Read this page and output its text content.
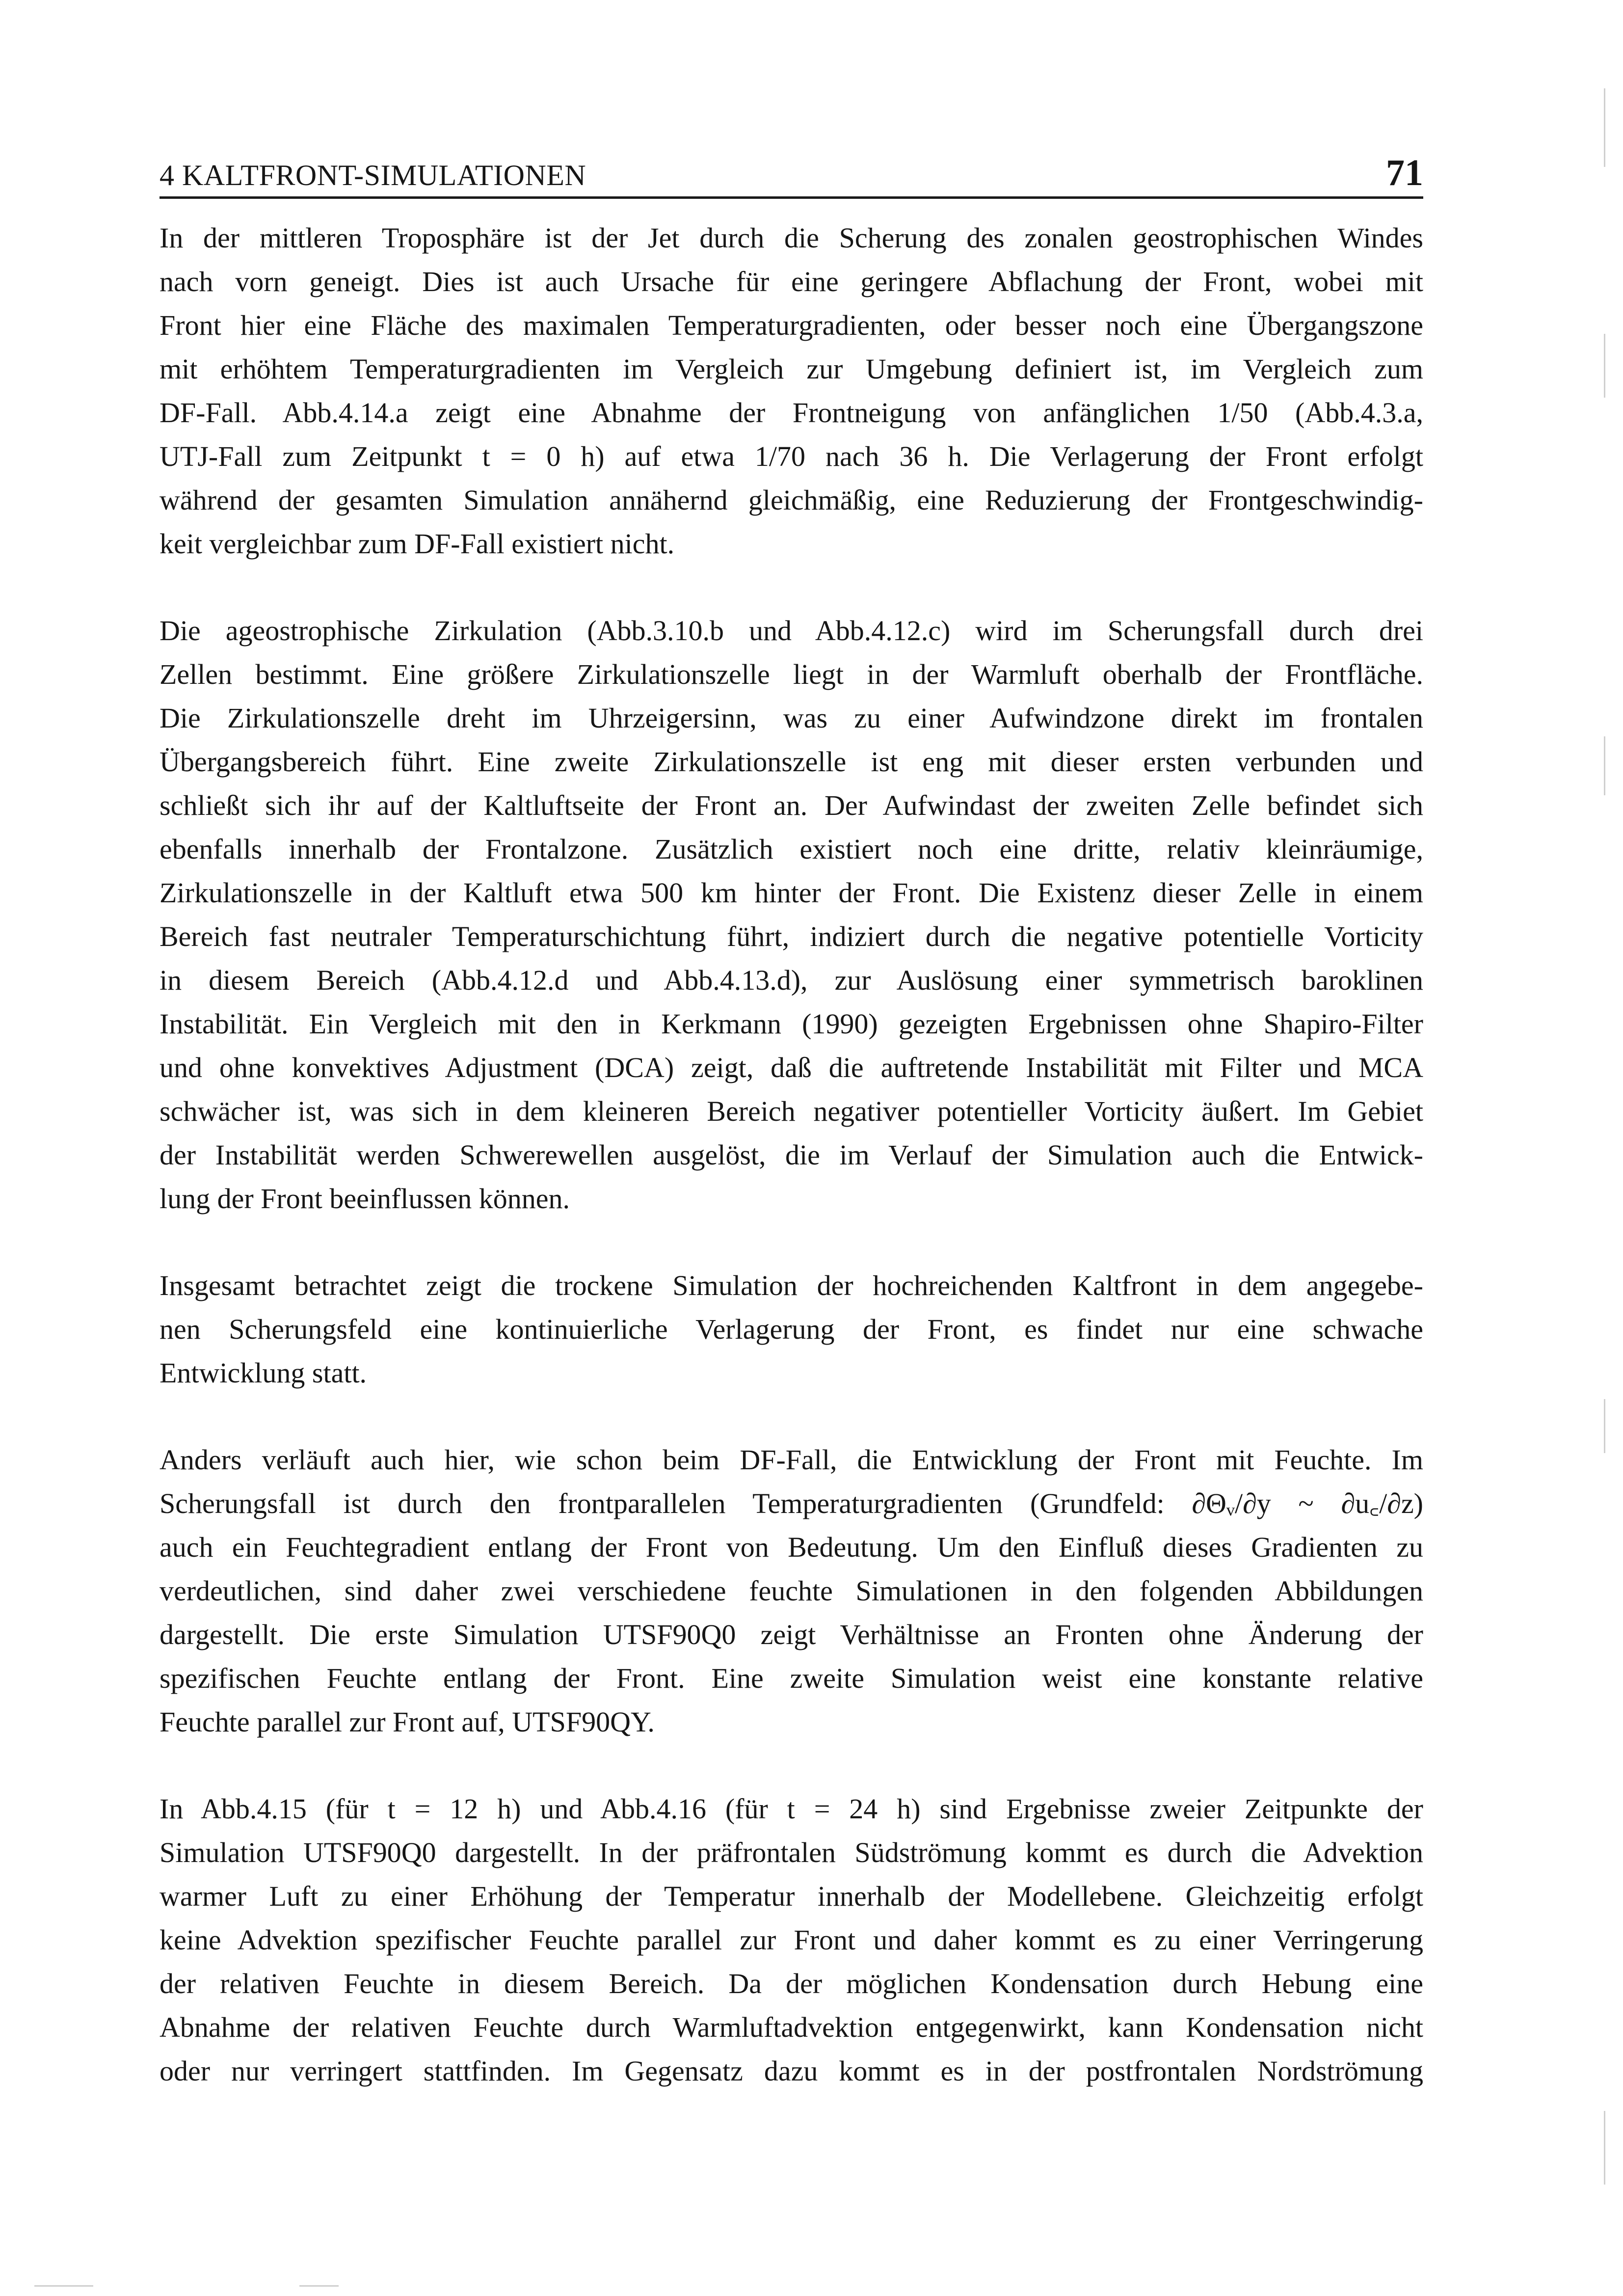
4 KALTFRONT-SIMULATIONEN	71

In der mittleren Troposphäre ist der Jet durch die Scherung des zonalen geostrophischen Windes
nach vorn geneigt. Dies ist auch Ursache für eine geringere Abflachung der Front, wobei mit
Front hier eine Fläche des maximalen Temperaturgradienten, oder besser noch eine Übergangszone
mit erhöhtem Temperaturgradienten im Vergleich zur Umgebung definiert ist, im Vergleich zum
DF-Fall. Abb.4.14.a zeigt eine Abnahme der Frontneigung von anfänglichen 1/50 (Abb.4.3.a,
UTJ-Fall zum Zeitpunkt t = 0 h) auf etwa 1/70 nach 36 h. Die Verlagerung der Front erfolgt
während der gesamten Simulation annähernd gleichmäßig, eine Reduzierung der Frontgeschwindig-
keit vergleichbar zum DF-Fall existiert nicht.

Die ageostrophische Zirkulation (Abb.3.10.b und Abb.4.12.c) wird im Scherungsfall durch drei
Zellen bestimmt. Eine größere Zirkulationszelle liegt in der Warmluft oberhalb der Frontfläche.
Die Zirkulationszelle dreht im Uhrzeigersinn, was zu einer Aufwindzone direkt im frontalen
Übergangsbereich führt. Eine zweite Zirkulationszelle ist eng mit dieser ersten verbunden und
schließt sich ihr auf der Kaltluftseite der Front an. Der Aufwindast der zweiten Zelle befindet sich
ebenfalls innerhalb der Frontalzone. Zusätzlich existiert noch eine dritte, relativ kleinräumige,
Zirkulationszelle in der Kaltluft etwa 500 km hinter der Front. Die Existenz dieser Zelle in einem
Bereich fast neutraler Temperaturschichtung führt, indiziert durch die negative potentielle Vorticity
in diesem Bereich (Abb.4.12.d und Abb.4.13.d), zur Auslösung einer symmetrisch baroklinen
Instabilität. Ein Vergleich mit den in Kerkmann (1990) gezeigten Ergebnissen ohne Shapiro-Filter
und ohne konvektives Adjustment (DCA) zeigt, daß die auftretende Instabilität mit Filter und MCA
schwächer ist, was sich in dem kleineren Bereich negativer potentieller Vorticity äußert. Im Gebiet
der Instabilität werden Schwerewellen ausgelöst, die im Verlauf der Simulation auch die Entwick-
lung der Front beeinflussen können.

Insgesamt betrachtet zeigt die trockene Simulation der hochreichenden Kaltfront in dem angegebe-
nen Scherungsfeld eine kontinuierliche Verlagerung der Front, es findet nur eine schwache
Entwicklung statt.

Anders verläuft auch hier, wie schon beim DF-Fall, die Entwicklung der Front mit Feuchte. Im
Scherungsfall ist durch den frontparallelen Temperaturgradienten (Grundfeld: ∂Θᵥ/∂y ~ ∂u꜀/∂z)
auch ein Feuchtegradient entlang der Front von Bedeutung. Um den Einfluß dieses Gradienten zu
verdeutlichen, sind daher zwei verschiedene feuchte Simulationen in den folgenden Abbildungen
dargestellt. Die erste Simulation UTSF90Q0 zeigt Verhältnisse an Fronten ohne Änderung der
spezifischen Feuchte entlang der Front. Eine zweite Simulation weist eine konstante relative
Feuchte parallel zur Front auf, UTSF90QY.

In Abb.4.15 (für t = 12 h) und Abb.4.16 (für t = 24 h) sind Ergebnisse zweier Zeitpunkte der
Simulation UTSF90Q0 dargestellt. In der präfrontalen Südströmung kommt es durch die Advektion
warmer Luft zu einer Erhöhung der Temperatur innerhalb der Modellebene. Gleichzeitig erfolgt
keine Advektion spezifischer Feuchte parallel zur Front und daher kommt es zu einer Verringerung
der relativen Feuchte in diesem Bereich. Da der möglichen Kondensation durch Hebung eine
Abnahme der relativen Feuchte durch Warmluftadvektion entgegenwirkt, kann Kondensation nicht
oder nur verringert stattfinden. Im Gegensatz dazu kommt es in der postfrontalen Nordströmung
